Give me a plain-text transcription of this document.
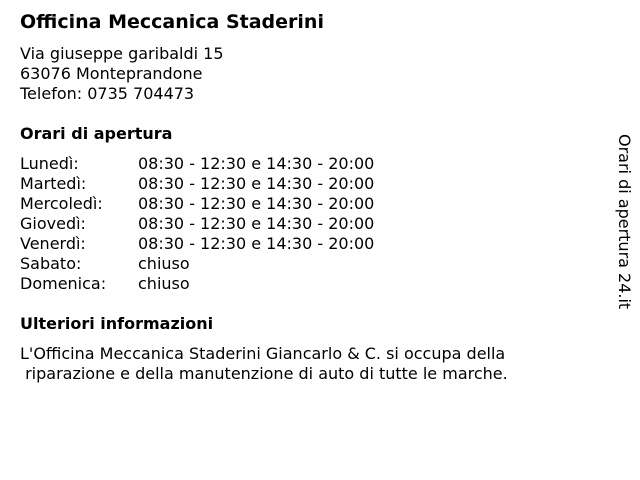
Officina Meccanica Staderini
Via giuseppe garibaldi 15
63076 Monteprandone
Telefon: 0735 704473
Orari di apertura
Lunedì:	08:30 - 12:30 e 14:30 - 20:00
Martedì:	08:30 - 12:30 e 14:30 - 20:00
Mercoledì: 08:30 - 12:30 e 14:30 - 20:00
Giovedì:	08:30 - 12:30 e 14:30 - 20:00
Venerdì:	08:30 - 12:30 e 14:30 - 20:00
Sabato:	chiuso
Domenica: chiuso
Ulteriori informazioni
L'Officina Meccanica Staderini Giancarlo & C. si occupa della
riparazione e della manutenzione di auto di tutte le marche.
Orari di apertura 24.it
